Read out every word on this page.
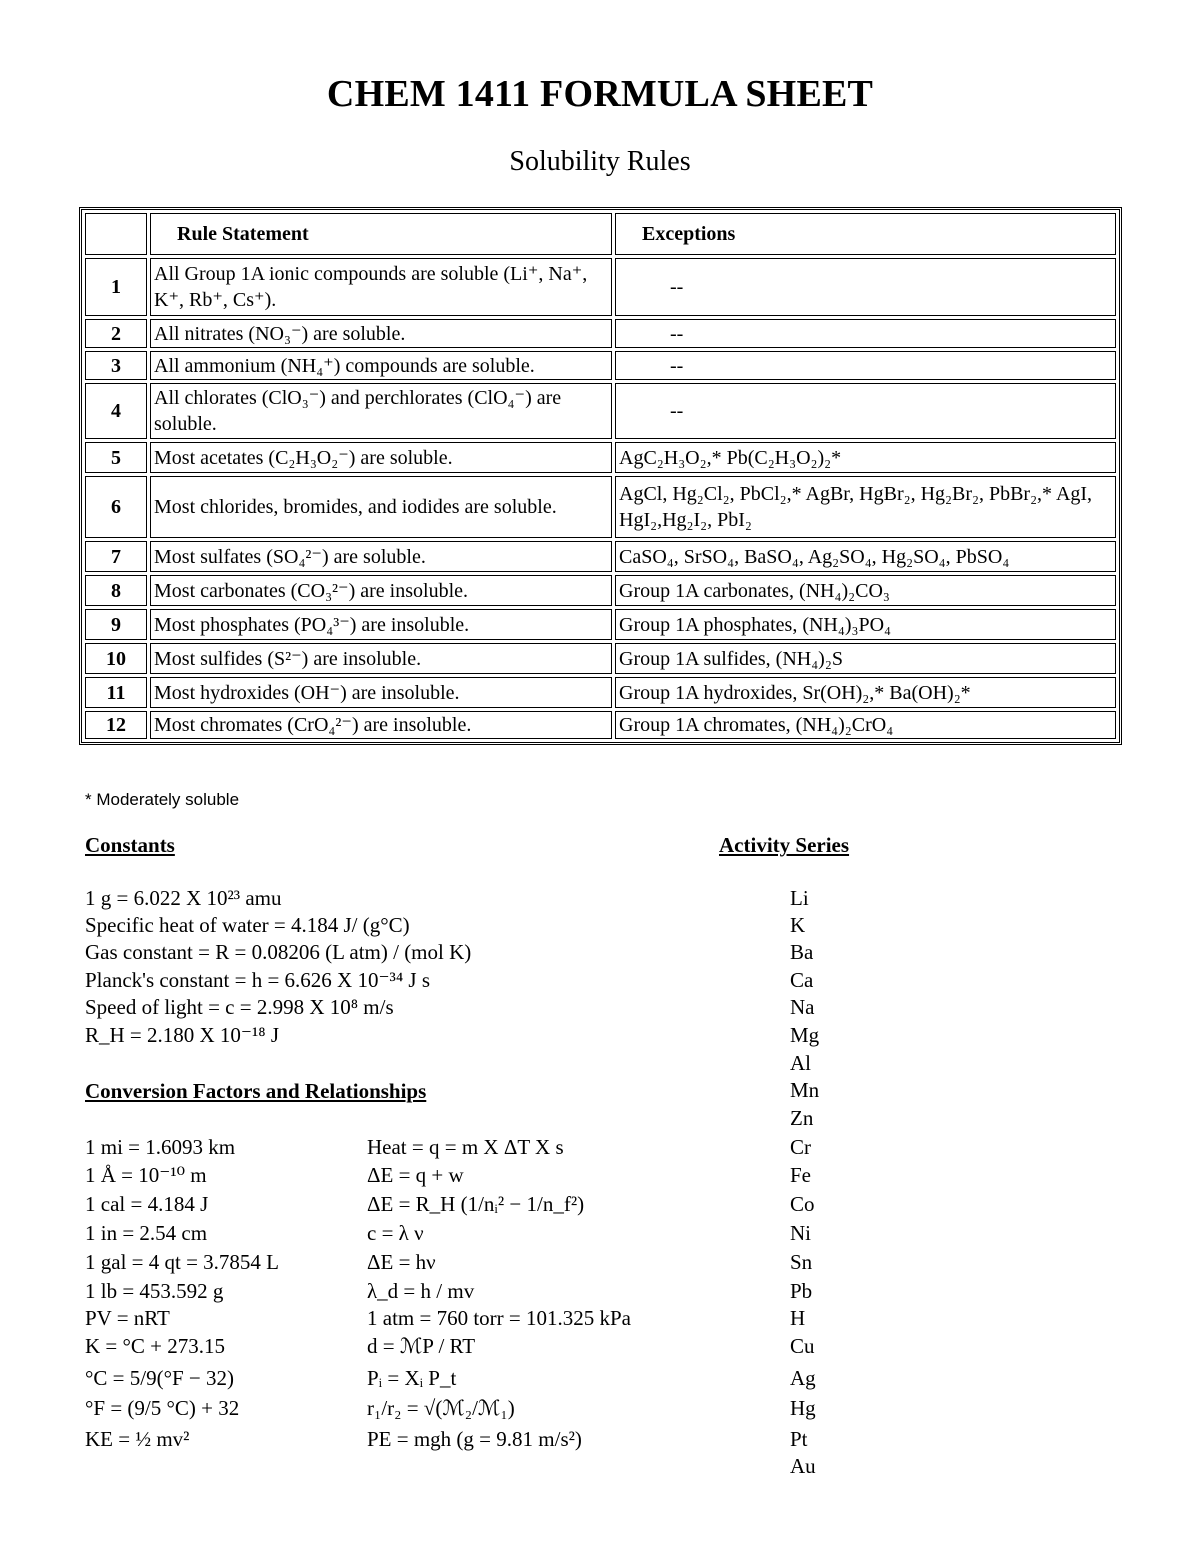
CHEM 1411 FORMULA SHEET
Solubility Rules
	Rule Statement	Exceptions
1	All Group 1A ionic compounds are soluble (Li⁺, Na⁺, K⁺, Rb⁺, Cs⁺).	--
2	All nitrates (NO₃⁻) are soluble.	--
3	All ammonium (NH₄⁺) compounds are soluble.	--
4	All chlorates (ClO₃⁻) and perchlorates (ClO₄⁻) are soluble.	--
5	Most acetates (C₂H₃O₂⁻) are soluble.	AgC₂H₃O₂,* Pb(C₂H₃O₂)₂*
6	Most chlorides, bromides, and iodides are soluble.	AgCl, Hg₂Cl₂, PbCl₂,* AgBr, HgBr₂, Hg₂Br₂, PbBr₂,* AgI, HgI₂,Hg₂I₂, PbI₂
7	Most sulfates (SO₄²⁻) are soluble.	CaSO₄, SrSO₄, BaSO₄, Ag₂SO₄, Hg₂SO₄, PbSO₄
8	Most carbonates (CO₃²⁻) are insoluble.	Group 1A carbonates, (NH₄)₂CO₃
9	Most phosphates (PO₄³⁻) are insoluble.	Group 1A phosphates, (NH₄)₃PO₄
10	Most sulfides (S²⁻) are insoluble.	Group 1A sulfides, (NH₄)₂S
11	Most hydroxides (OH⁻) are insoluble.	Group 1A hydroxides, Sr(OH)₂,* Ba(OH)₂*
12	Most chromates (CrO₄²⁻) are insoluble.	Group 1A chromates, (NH₄)₂CrO₄
* Moderately soluble
Constants	Activity Series
1 g = 6.022 X 10²³ amu
Specific heat of water = 4.184 J/ (g°C)
Gas constant = R = 0.08206 (L atm) / (mol K)
Planck's constant = h = 6.626 X 10⁻³⁴ J s
Speed of light = c = 2.998 X 10⁸ m/s
R_H = 2.180 X 10⁻¹⁸ J
Conversion Factors and Relationships
1 mi = 1.6093 km
1 Å = 10⁻¹⁰ m
1 cal = 4.184 J
1 in = 2.54 cm
1 gal = 4 qt = 3.7854 L
1 lb = 453.592 g
PV = nRT
K = °C + 273.15
°C = 5/9(°F − 32)
°F = (9/5 °C) + 32
KE = ½ mv²
Heat = q = m X ΔT X s
ΔE = q + w
ΔE = R_H (1/nᵢ² − 1/n_f²)
c = λ ν
ΔE = hν
λ_d = h / mv
1 atm = 760 torr = 101.325 kPa
d = ℳP / RT
Pᵢ = Xᵢ P_t
r₁/r₂ = √(ℳ₂/ℳ₁)
PE = mgh (g = 9.81 m/s²)
Li
K
Ba
Ca
Na
Mg
Al
Mn
Zn
Cr
Fe
Co
Ni
Sn
Pb
H
Cu
Ag
Hg
Pt
Au
